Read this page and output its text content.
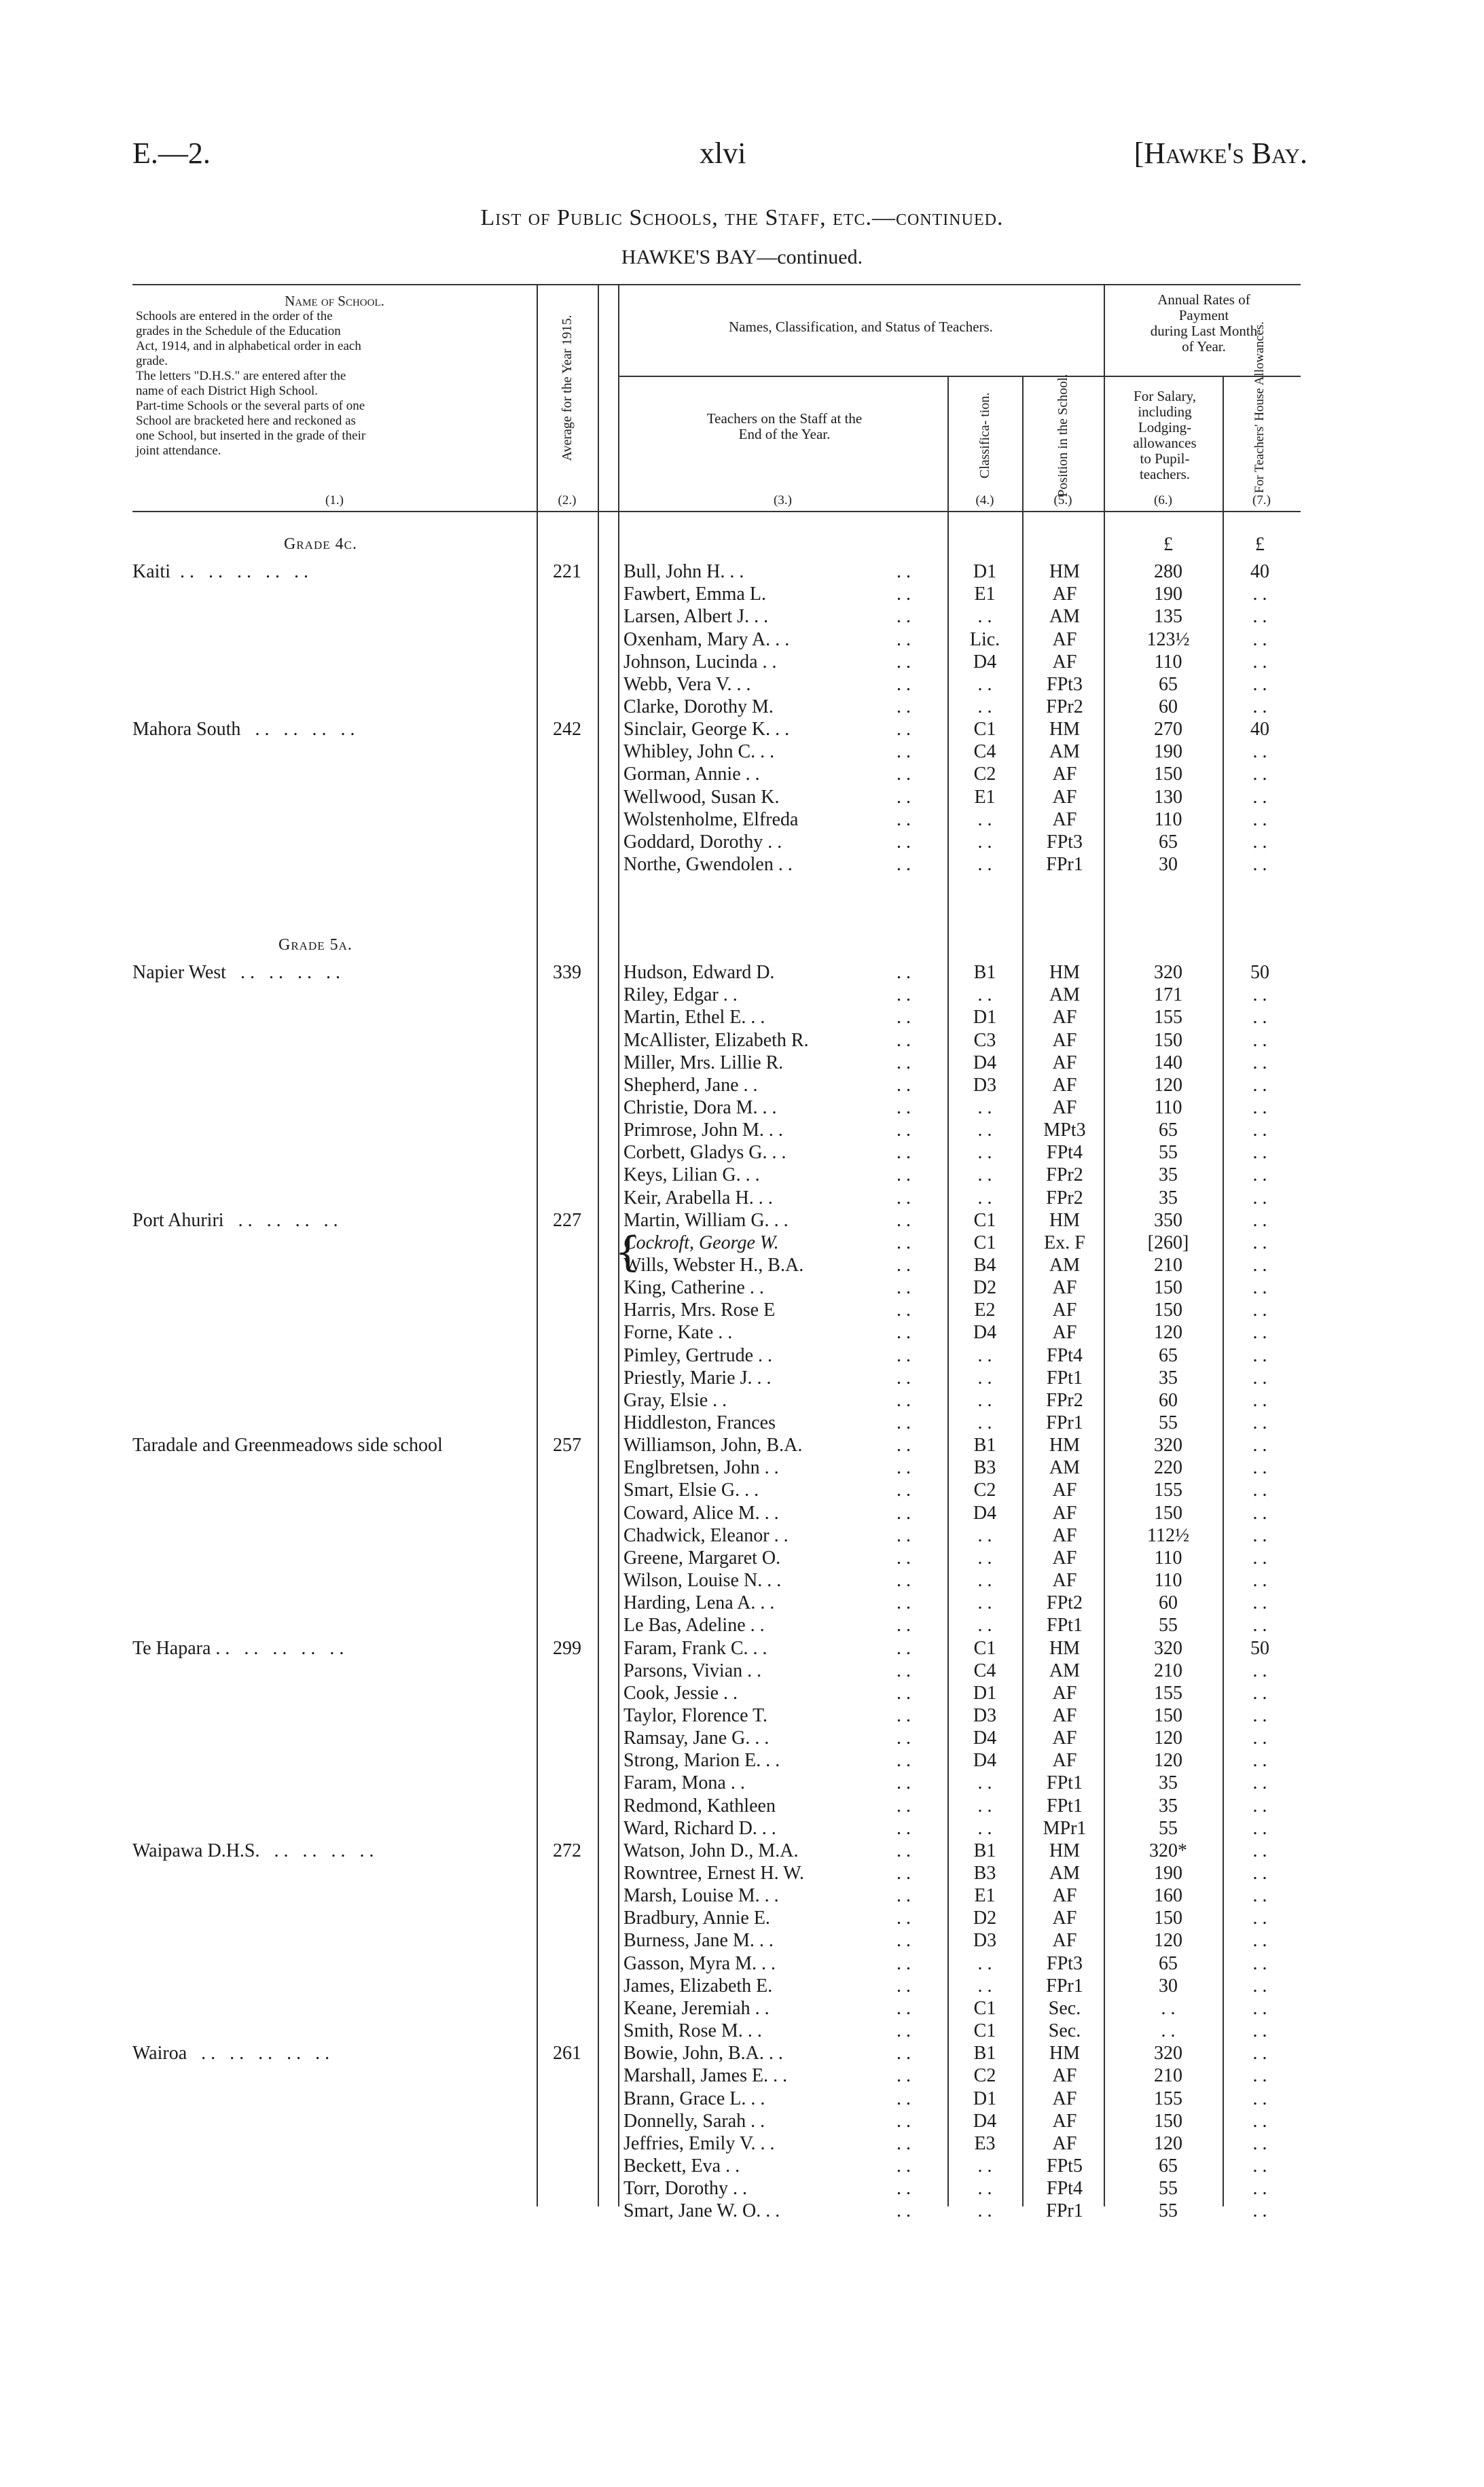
E.—2.	xlvi	[Hawke's Bay.
List of Public Schools, the Staff, etc.—continued.
HAWKE'S BAY—continued.
Name of School.
Schools are entered in the order of the
grades in the Schedule of the Education
Act, 1914, and in alphabetical order in each
grade.
The letters "D.H.S." are entered after the
name of each District High School.
Part-time Schools or the several parts of one
School are bracketed here and reckoned as
one School, but inserted in the grade of their
joint attendance.	Average for the Year 1915.	Names, Classification, and Status of Teachers.
Teachers on the Staff at the
End of the Year.	Classifica- tion.	Position in the School.
Annual Rates of
Payment
during Last Month
of Year.
For Salary,
including
Lodging-
allowances
to Pupil-
teachers.	For Teachers' House Allowances.
(1.)	(2.)	(3.)	(4.)	(5.)	(6.)	(7.)
£	£
Grade 4c.
Grade 5a.
{
Kaiti  . .   . .   . .   . .   . .	221	Bull, John H. . .	. .	D1	HM	280	40
Fawbert, Emma L.	. .	E1	AF	190	. .
Larsen, Albert J. . .	. .	. .	AM	135	. .
Oxenham, Mary A. . .	. .	Lic.	AF	123½	. .
Johnson, Lucinda . .	. .	D4	AF	110	. .
Webb, Vera V. . .	. .	. .	FPt3	65	. .
Clarke, Dorothy M.	. .	. .	FPr2	60	. .
Mahora South   . .   . .   . .   . .	242	Sinclair, George K. . .	. .	C1	HM	270	40
Whibley, John C. . .	. .	C4	AM	190	. .
Gorman, Annie . .	. .	C2	AF	150	. .
Wellwood, Susan K.	. .	E1	AF	130	. .
Wolstenholme, Elfreda	. .	. .	AF	110	. .
Goddard, Dorothy . .	. .	. .	FPt3	65	. .
Northe, Gwendolen . .	. .	. .	FPr1	30	. .
Napier West   . .   . .   . .   . .	339	Hudson, Edward D.	. .	B1	HM	320	50
Riley, Edgar . .	. .	. .	AM	171	. .
Martin, Ethel E. . .	. .	D1	AF	155	. .
McAllister, Elizabeth R.	. .	C3	AF	150	. .
Miller, Mrs. Lillie R.	. .	D4	AF	140	. .
Shepherd, Jane . .	. .	D3	AF	120	. .
Christie, Dora M. . .	. .	. .	AF	110	. .
Primrose, John M. . .	. .	. .	MPt3	65	. .
Corbett, Gladys G. . .	. .	. .	FPt4	55	. .
Keys, Lilian G. . .	. .	. .	FPr2	35	. .
Keir, Arabella H. . .	. .	. .	FPr2	35	. .
Port Ahuriri   . .   . .   . .   . .	227	Martin, William G. . .	. .	C1	HM	350	. .
Cockroft, George W.	. .	C1	Ex. F	[260]	. .
Wills, Webster H., B.A.	. .	B4	AM	210	. .
King, Catherine . .	. .	D2	AF	150	. .
Harris, Mrs. Rose E	. .	E2	AF	150	. .
Forne, Kate . .	. .	D4	AF	120	. .
Pimley, Gertrude . .	. .	. .	FPt4	65	. .
Priestly, Marie J. . .	. .	. .	FPt1	35	. .
Gray, Elsie . .	. .	. .	FPr2	60	. .
Hiddleston, Frances	. .	. .	FPr1	55	. .
Taradale and Greenmeadows side school	257	Williamson, John, B.A.	. .	B1	HM	320	. .
Englbretsen, John . .	. .	B3	AM	220	. .
Smart, Elsie G. . .	. .	C2	AF	155	. .
Coward, Alice M. . .	. .	D4	AF	150	. .
Chadwick, Eleanor . .	. .	. .	AF	112½	. .
Greene, Margaret O.	. .	. .	AF	110	. .
Wilson, Louise N. . .	. .	. .	AF	110	. .
Harding, Lena A. . .	. .	. .	FPt2	60	. .
Le Bas, Adeline . .	. .	. .	FPt1	55	. .
Te Hapara . .   . .   . .   . .   . .	299	Faram, Frank C. . .	. .	C1	HM	320	50
Parsons, Vivian . .	. .	C4	AM	210	. .
Cook, Jessie . .	. .	D1	AF	155	. .
Taylor, Florence T.	. .	D3	AF	150	. .
Ramsay, Jane G. . .	. .	D4	AF	120	. .
Strong, Marion E. . .	. .	D4	AF	120	. .
Faram, Mona . .	. .	. .	FPt1	35	. .
Redmond, Kathleen	. .	. .	FPt1	35	. .
Ward, Richard D. . .	. .	. .	MPr1	55	. .
Waipawa D.H.S.   . .   . .   . .   . .	272	Watson, John D., M.A.	. .	B1	HM	320*	. .
Rowntree, Ernest H. W.	. .	B3	AM	190	. .
Marsh, Louise M. . .	. .	E1	AF	160	. .
Bradbury, Annie E.	. .	D2	AF	150	. .
Burness, Jane M. . .	. .	D3	AF	120	. .
Gasson, Myra M. . .	. .	. .	FPt3	65	. .
James, Elizabeth E.	. .	. .	FPr1	30	. .
Keane, Jeremiah . .	. .	C1	Sec.	. .	. .
Smith, Rose M. . .	. .	C1	Sec.	. .	. .
Wairoa   . .   . .   . .   . .   . .	261	Bowie, John, B.A. . .	. .	B1	HM	320	. .
Marshall, James E. . .	. .	C2	AF	210	. .
Brann, Grace L. . .	. .	D1	AF	155	. .
Donnelly, Sarah . .	. .	D4	AF	150	. .
Jeffries, Emily V. . .	. .	E3	AF	120	. .
Beckett, Eva . .	. .	. .	FPt5	65	. .
Torr, Dorothy . .	. .	. .	FPt4	55	. .
Smart, Jane W. O. . .	. .	. .	FPr1	55	. .
